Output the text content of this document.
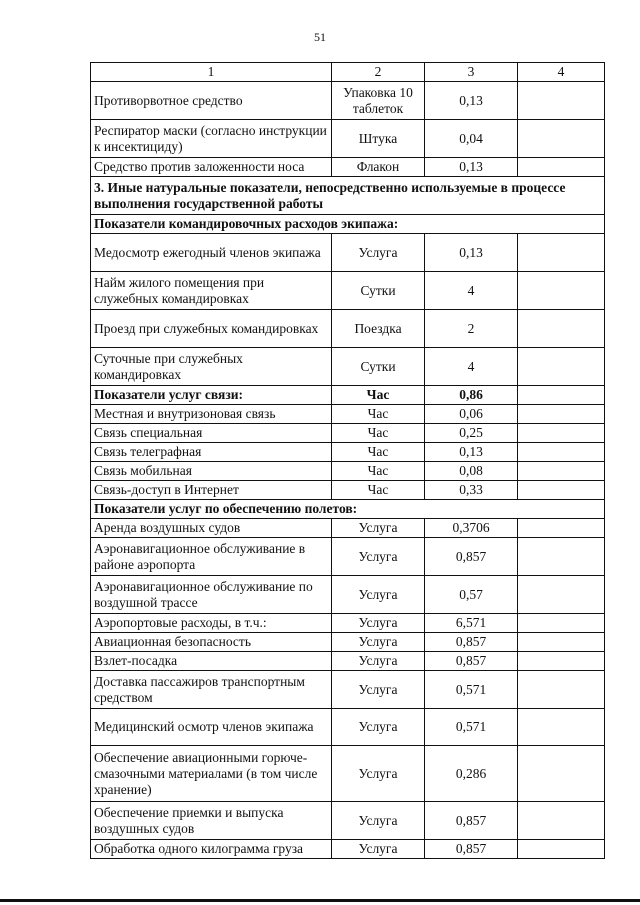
51
1	2	3	4
Противорвотное средство	Упаковка 10 таблеток	0,13	
Респиратор маски (согласно инструкции к инсектициду)	Штука	0,04	
Средство против заложенности носа	Флакон	0,13	
3. Иные натуральные показатели, непосредственно используемые в процессе выполнения государственной работы			
Показатели командировочных расходов экипажа:			
Медосмотр ежегодный членов экипажа	Услуга	0,13	
Найм жилого помещения при служебных командировках	Сутки	4	
Проезд при служебных командировках	Поездка	2	
Суточные при служебных командировках	Сутки	4	
Показатели услуг связи:	Час	0,86	
Местная и внутризоновая связь	Час	0,06	
Связь специальная	Час	0,25	
Связь телеграфная	Час	0,13	
Связь мобильная	Час	0,08	
Связь-доступ в Интернет	Час	0,33	
Показатели услуг по обеспечению полетов:			
Аренда воздушных судов	Услуга	0,3706	
Аэронавигационное обслуживание в районе аэропорта	Услуга	0,857	
Аэронавигационное обслуживание по воздушной трассе	Услуга	0,57	
Аэропортовые расходы, в т.ч.:	Услуга	6,571	
Авиационная безопасность	Услуга	0,857	
Взлет-посадка	Услуга	0,857	
Доставка пассажиров транспортным средством	Услуга	0,571	
Медицинский осмотр членов экипажа	Услуга	0,571	
Обеспечение авиационными горюче-смазочными материалами (в том числе хранение)	Услуга	0,286	
Обеспечение приемки и выпуска воздушных судов	Услуга	0,857	
Обработка одного килограмма груза	Услуга	0,857	
